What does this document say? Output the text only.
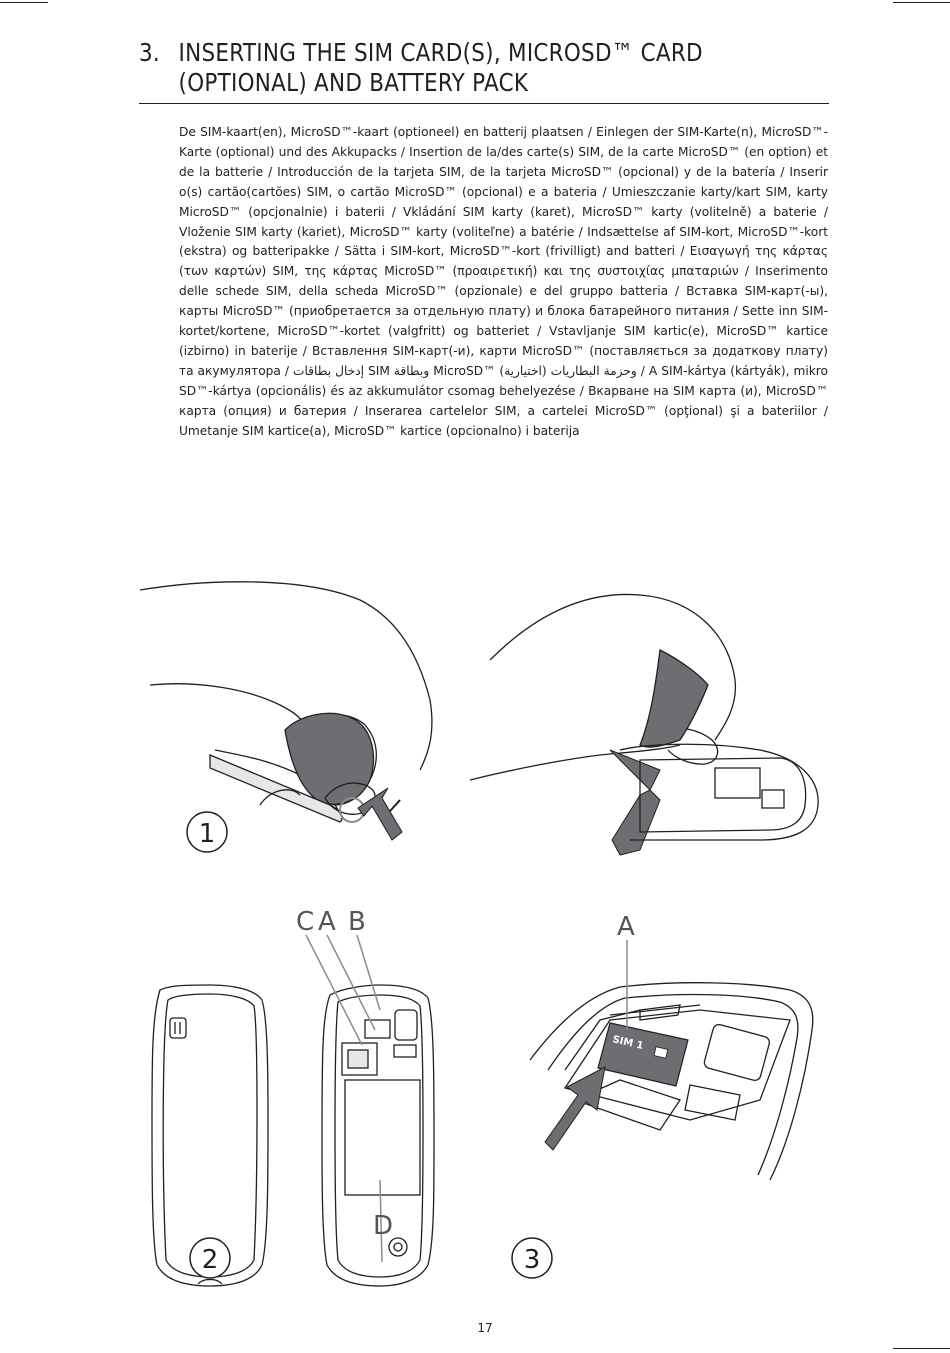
3. INSERTING THE SIM CARD(S), MICROSD™ CARD
(OPTIONAL) AND BATTERY PACK
De SIM-kaart(en), MicroSD™-kaart (optioneel) en batterij plaatsen / Einlegen der SIM-Karte(n), MicroSD™-Karte (optional) und des Akkupacks / Insertion de la/des carte(s) SIM, de la carte MicroSD™ (en option) et de la batterie / Introducción de la tarjeta SIM, de la tarjeta MicroSD™ (opcional) y de la batería / Inserir o(s) cartão(cartões) SIM, o cartão MicroSD™ (opcional) e a bateria / Umieszczanie karty/kart SIM, karty MicroSD™ (opcjonalnie) i baterii / Vkládání SIM karty (karet), MicroSD™ karty (volitelně) a baterie / Vloženie SIM karty (kariet), MicroSD™ karty (voliteľne) a batérie / Indsættelse af SIM-kort, MicroSD™-kort (ekstra) og batteripakke / Sätta i SIM-kort, MicroSD™-kort (frivilligt) and batteri / Εισαγωγή της κάρτας (των καρτών) SIM, της κάρτας MicroSD™ (προαιρετική) και της συστοιχίας μπαταριών / Inserimento delle schede SIM, della scheda MicroSD™ (opzionale) e del gruppo batteria / Вставка SIM-карт(-ы), карты MicroSD™ (приобретается за отдельную плату) и блока батарейного питания / Sette inn SIM-kortet/kortene, MicroSD™-kortet (valgfritt) og batteriet / Vstavljanje SIM kartic(e), MicroSD™ kartice (izbirno) in baterije / Вставлення SIM-карт(-и), карти MicroSD™ (поставляється за додаткову плату) та акумулятора / إدخال بطاقات SIM وبطاقة MicroSD™ (اختيارية) وحزمة البطاريات / A SIM-kártya (kártyák), mikro SD™-kártya (opcionális) és az akkumulátor csomag behelyezése / Вкарване на SIM карта (и), MicroSD™ карта (опция) и батерия / Inserarea cartelelor SIM, a cartelei MicroSD™ (opţional) şi a bateriilor / Umetanje SIM kartice(a), MicroSD™ kartice (opcionalno) i baterija
1
C A B
D
2
SIM 1
A
3
17
